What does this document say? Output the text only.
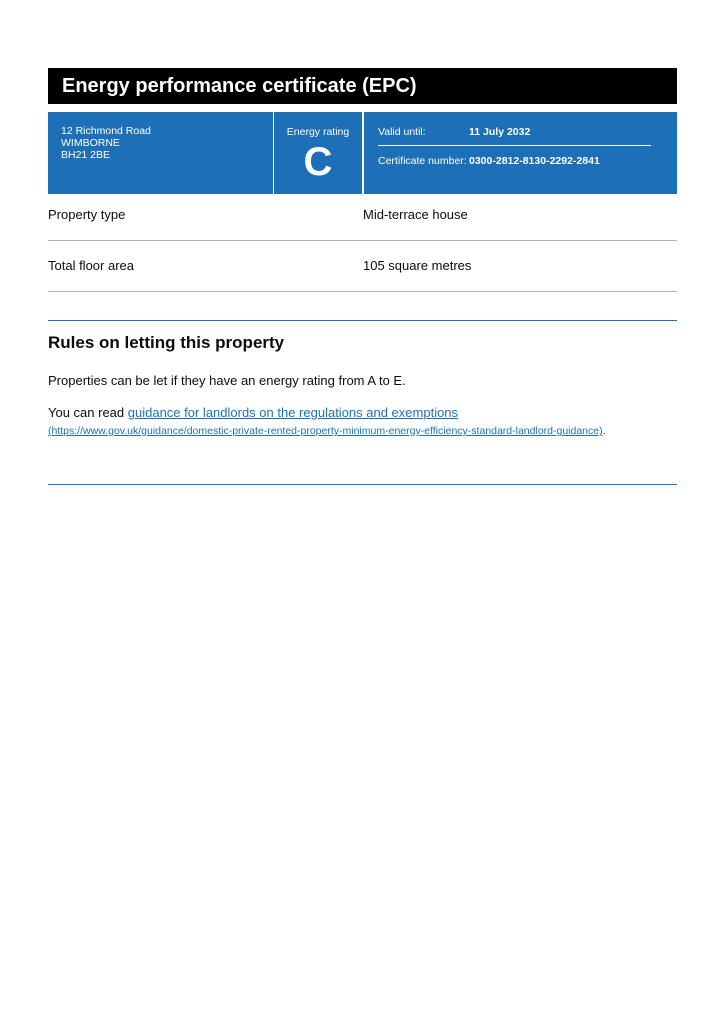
Energy performance certificate (EPC)
12 Richmond Road
WIMBORNE
BH21 2BE
Energy rating
C
Valid until:	11 July 2032
Certificate number: 0300-2812-8130-2292-2841
Property type	Mid-terrace house
Total floor area	105 square metres
Rules on letting this property
Properties can be let if they have an energy rating from A to E.
You can read guidance for landlords on the regulations and exemptions
(https://www.gov.uk/guidance/domestic-private-rented-property-minimum-energy-efficiency-standard-landlord-guidance).
